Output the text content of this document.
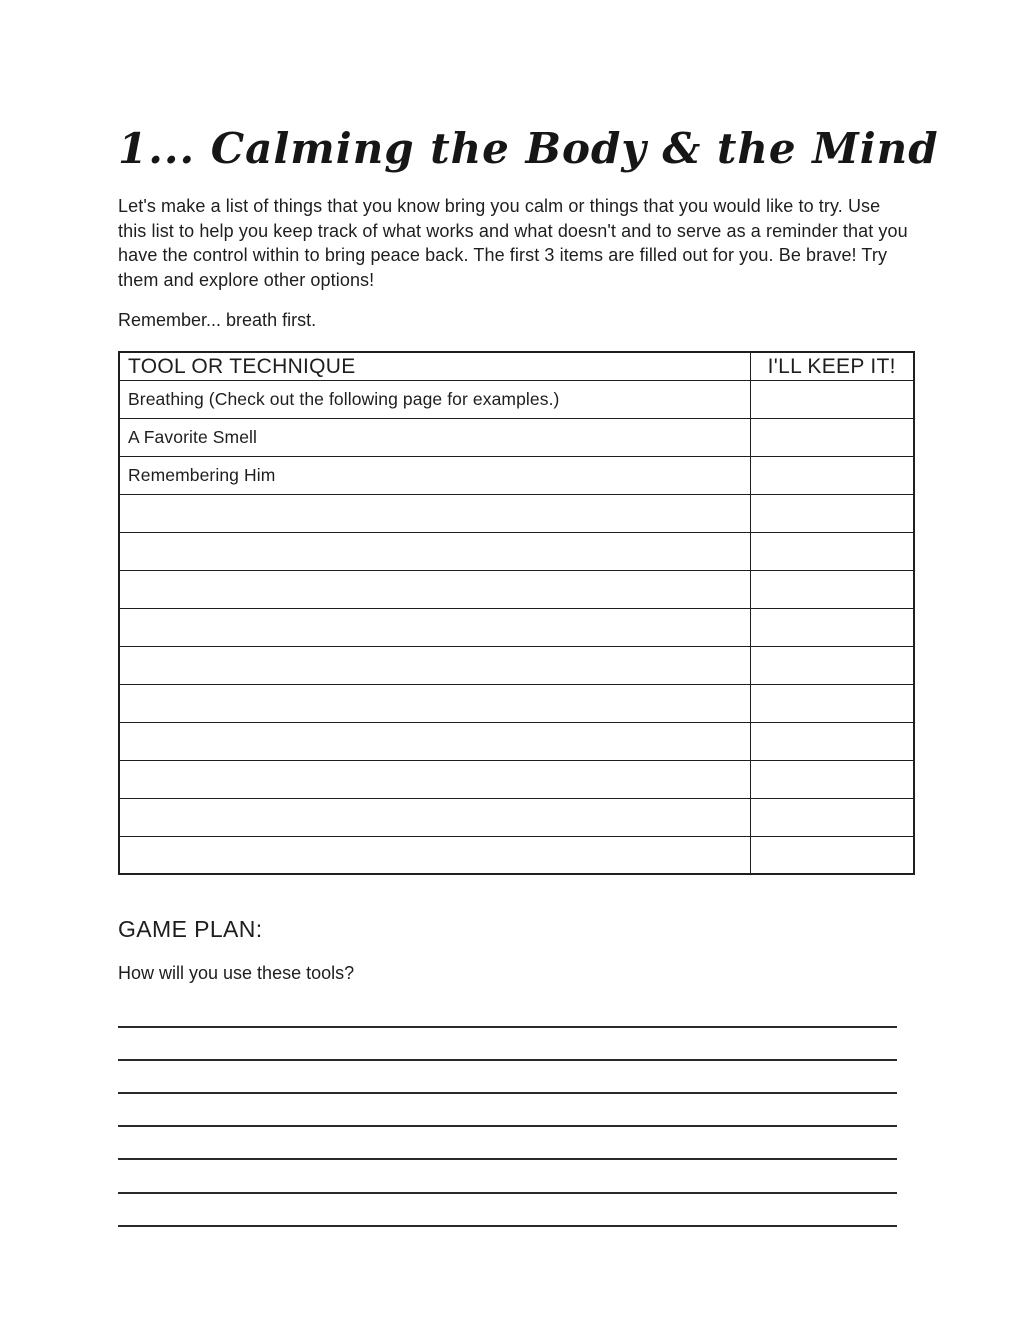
1... Calming the Body & the Mind

Let's make a list of things that you know bring you calm or things that you would like to try. Use this list to help you keep track of what works and what doesn't and to serve as a reminder that you have the control within to bring peace back. The first 3 items are filled out for you. Be brave! Try them and explore other options!

Remember... breath first.

TOOL OR TECHNIQUE	I'LL KEEP IT!
Breathing (Check out the following page for examples.)	
A Favorite Smell	
Remembering Him	

GAME PLAN:

How will you use these tools?
